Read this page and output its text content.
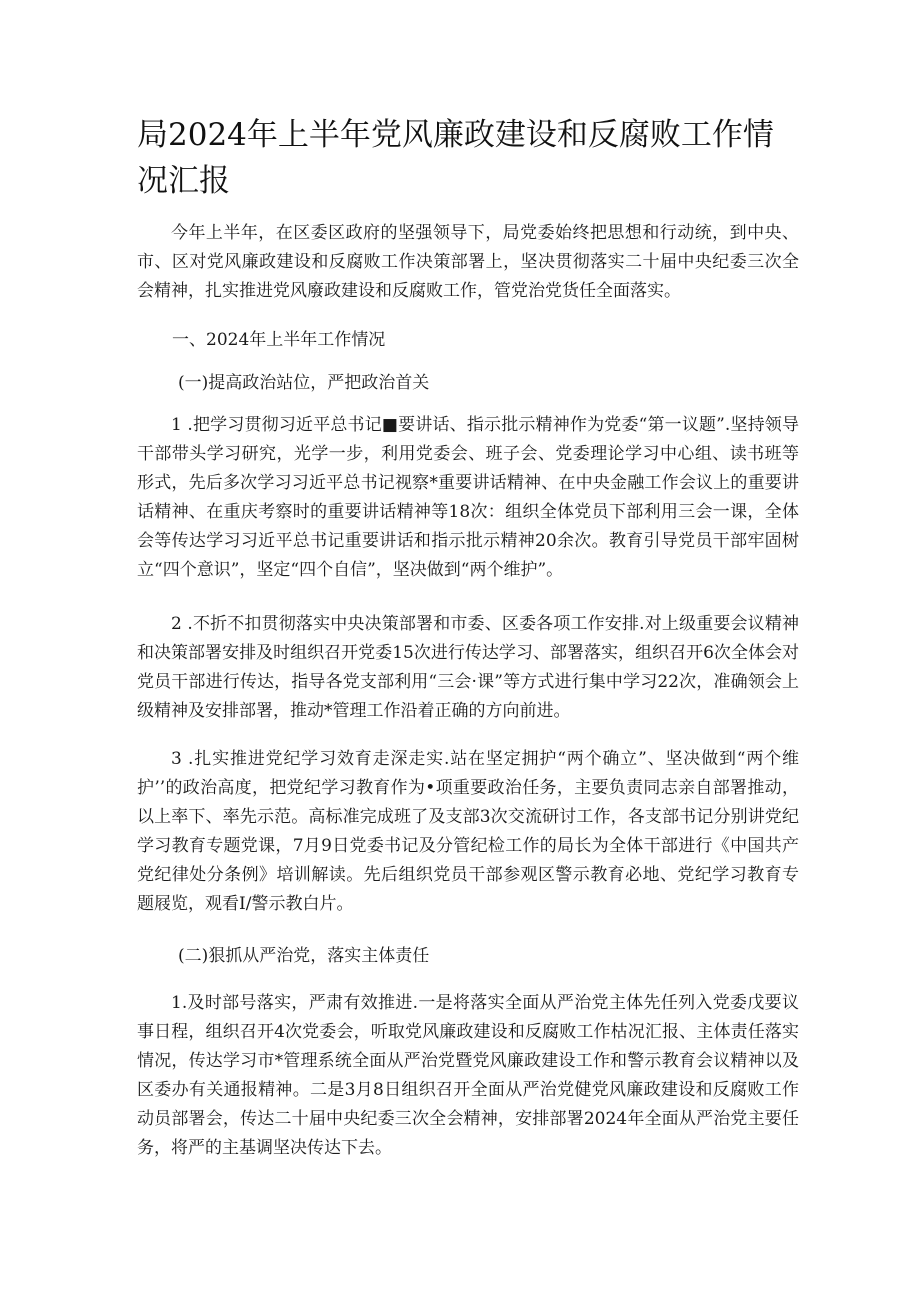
局2024年上半年党风廉政建设和反腐败工作情况汇报

今年上半年，在区委区政府的坚强领导下，局党委始终把思想和行动统，到中央、市、区对党风廉政建设和反腐败工作决策部署上，坚决贯彻落实二十届中央纪委三次全会精神，扎实推进党风廢政建设和反腐败工作，管党治党货任全面落实。

一、2024年上半年工作情况

(一)提高政治站位，严把政治首关

1 .把学习贯彻习近平总书记■要讲话、指示批示精神作为党委“第一议题”.坚持领导干部带头学习研究，光学一步，利用党委会、班子会、党委理论学习中心组、读书班等形式，先后多次学习习近平总书记视察*重要讲话精神、在中央金融工作会议上的重要讲话精神、在重庆考察时的重要讲话精神等18次：组织全体党员下部利用三会一课，全体会等传达学习习近平总书记重要讲话和指示批示精神20余次。教育引导党员干部牢固树立“四个意识”，坚定“四个自信”，坚决做到“两个维护”。

2 .不折不扣贯彻落实中央决策部署和市委、区委各项工作安排.对上级重要会议精神和决策部署安排及时组织召开党委15次进行传达学习、部署落实，组织召开6次全体会对党员干部进行传达，指导各党支部利用“三会·课”等方式进行集中学习22次，准确领会上级精神及安排部署，推动*管理工作沿着正确的方向前进。

3 .扎实推进党纪学习效育走深走实.站在坚定拥护“两个确立”、坚决做到“两个维护’’的政治高度，把党纪学习教育作为•项重要政治任务，主要负责同志亲自部署推动，以上率下、率先示范。高标准完成班了及支部3次交流研讨工作，各支部书记分别讲党纪学习教育专题党课，7月9日党委书记及分管纪检工作的局长为全体干部进行《中国共产党纪律处分条例》培训解读。先后组织党员干部参观区警示教育必地、党纪学习教育专题屐览，观看I/警示教白片。

(二)狠抓从严治党，落实主体责任

1.及时部号落实，严肃有效推进.一是将落实全面从严治党主体先任列入党委戊要议事日程，组织召开4次党委会，听取党风廉政建设和反腐败工作枯况汇报、主体责任落实情况，传达学习市*管理系统全面从严治党暨党风廉政建设工作和警示教育会议精神以及区委办有关通报精神。二是3月8日组织召开全面从严治党健党风廉政建设和反腐败工作动员部署会，传达二十届中央纪委三次全会精神，安排部署2024年全面从严治党主要任务，将严的主基调坚决传达下去。
